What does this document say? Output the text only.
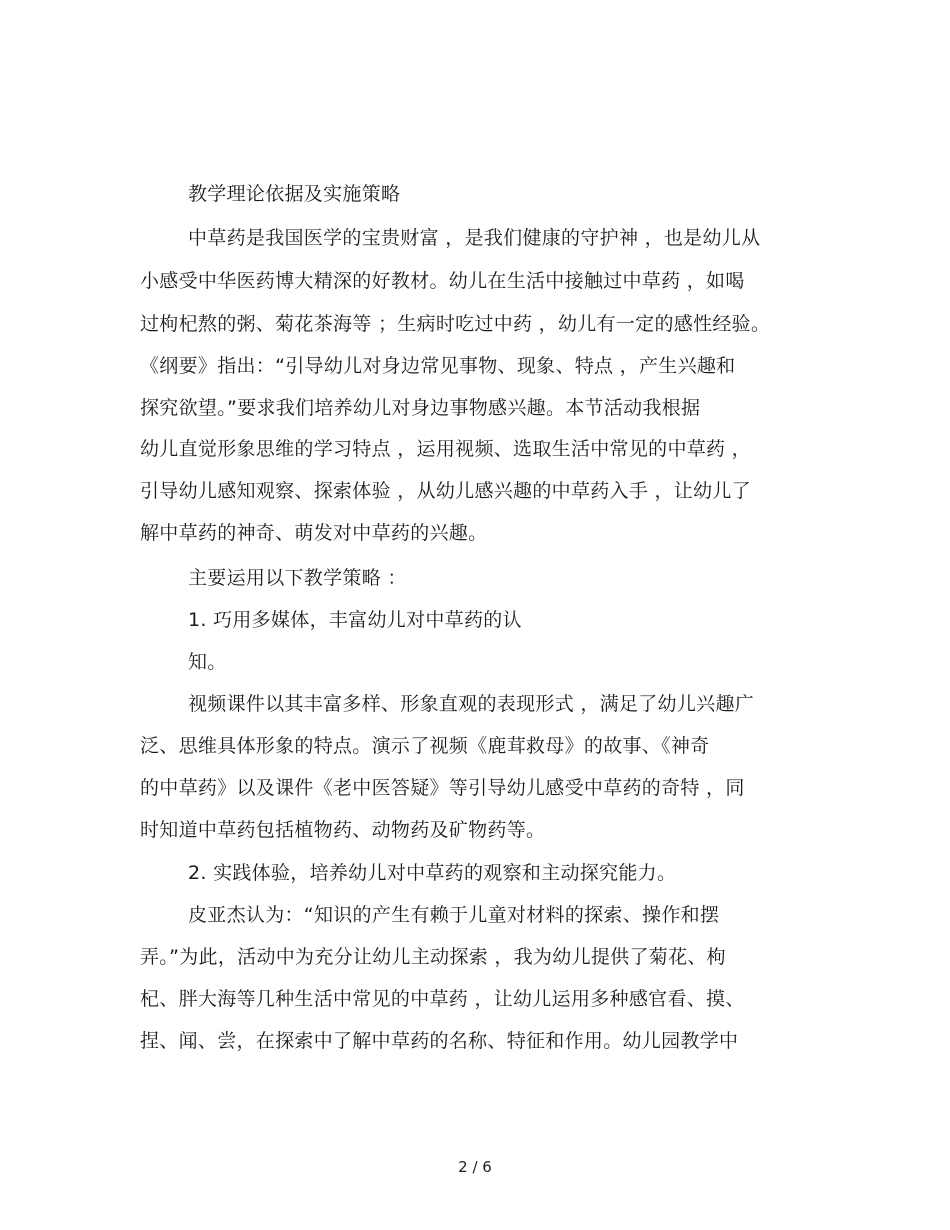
教学理论依据及实施策略
中草药是我国医学的宝贵财富 ，是我们健康的守护神 ，也是幼儿从
小感受中华医药博大精深的好教材。幼儿在生活中接触过中草药 ，如喝
过枸杞熬的粥、菊花茶海等 ；生病时吃过中药 ，幼儿有一定的感性经验。
《纲要》指出：“引导幼儿对身边常见事物、现象、特点 ，产生兴趣和
探究欲望。”要求我们培养幼儿对身边事物感兴趣。本节活动我根据
幼儿直觉形象思维的学习特点 ，运用视频、选取生活中常见的中草药 ，
引导幼儿感知观察、探索体验 ，从幼儿感兴趣的中草药入手 ，让幼儿了
解中草药的神奇、萌发对中草药的兴趣。
主要运用以下教学策略 ：
1. 巧用多媒体，丰富幼儿对中草药的认
知。
视频课件以其丰富多样、形象直观的表现形式 ，满足了幼儿兴趣广
泛、思维具体形象的特点。演示了视频《鹿茸救母》的故事、《神奇
的中草药》以及课件《老中医答疑》等引导幼儿感受中草药的奇特 ，同
时知道中草药包括植物药、动物药及矿物药等。
2. 实践体验，培养幼儿对中草药的观察和主动探究能力。
皮亚杰认为：“知识的产生有赖于儿童对材料的探索、操作和摆
弄。”为此，活动中为充分让幼儿主动探索 ，我为幼儿提供了菊花、枸
杞、胖大海等几种生活中常见的中草药 ，让幼儿运用多种感官看、摸、
捏、闻、尝，在探索中了解中草药的名称、特征和作用。幼儿园教学中
2 / 6
